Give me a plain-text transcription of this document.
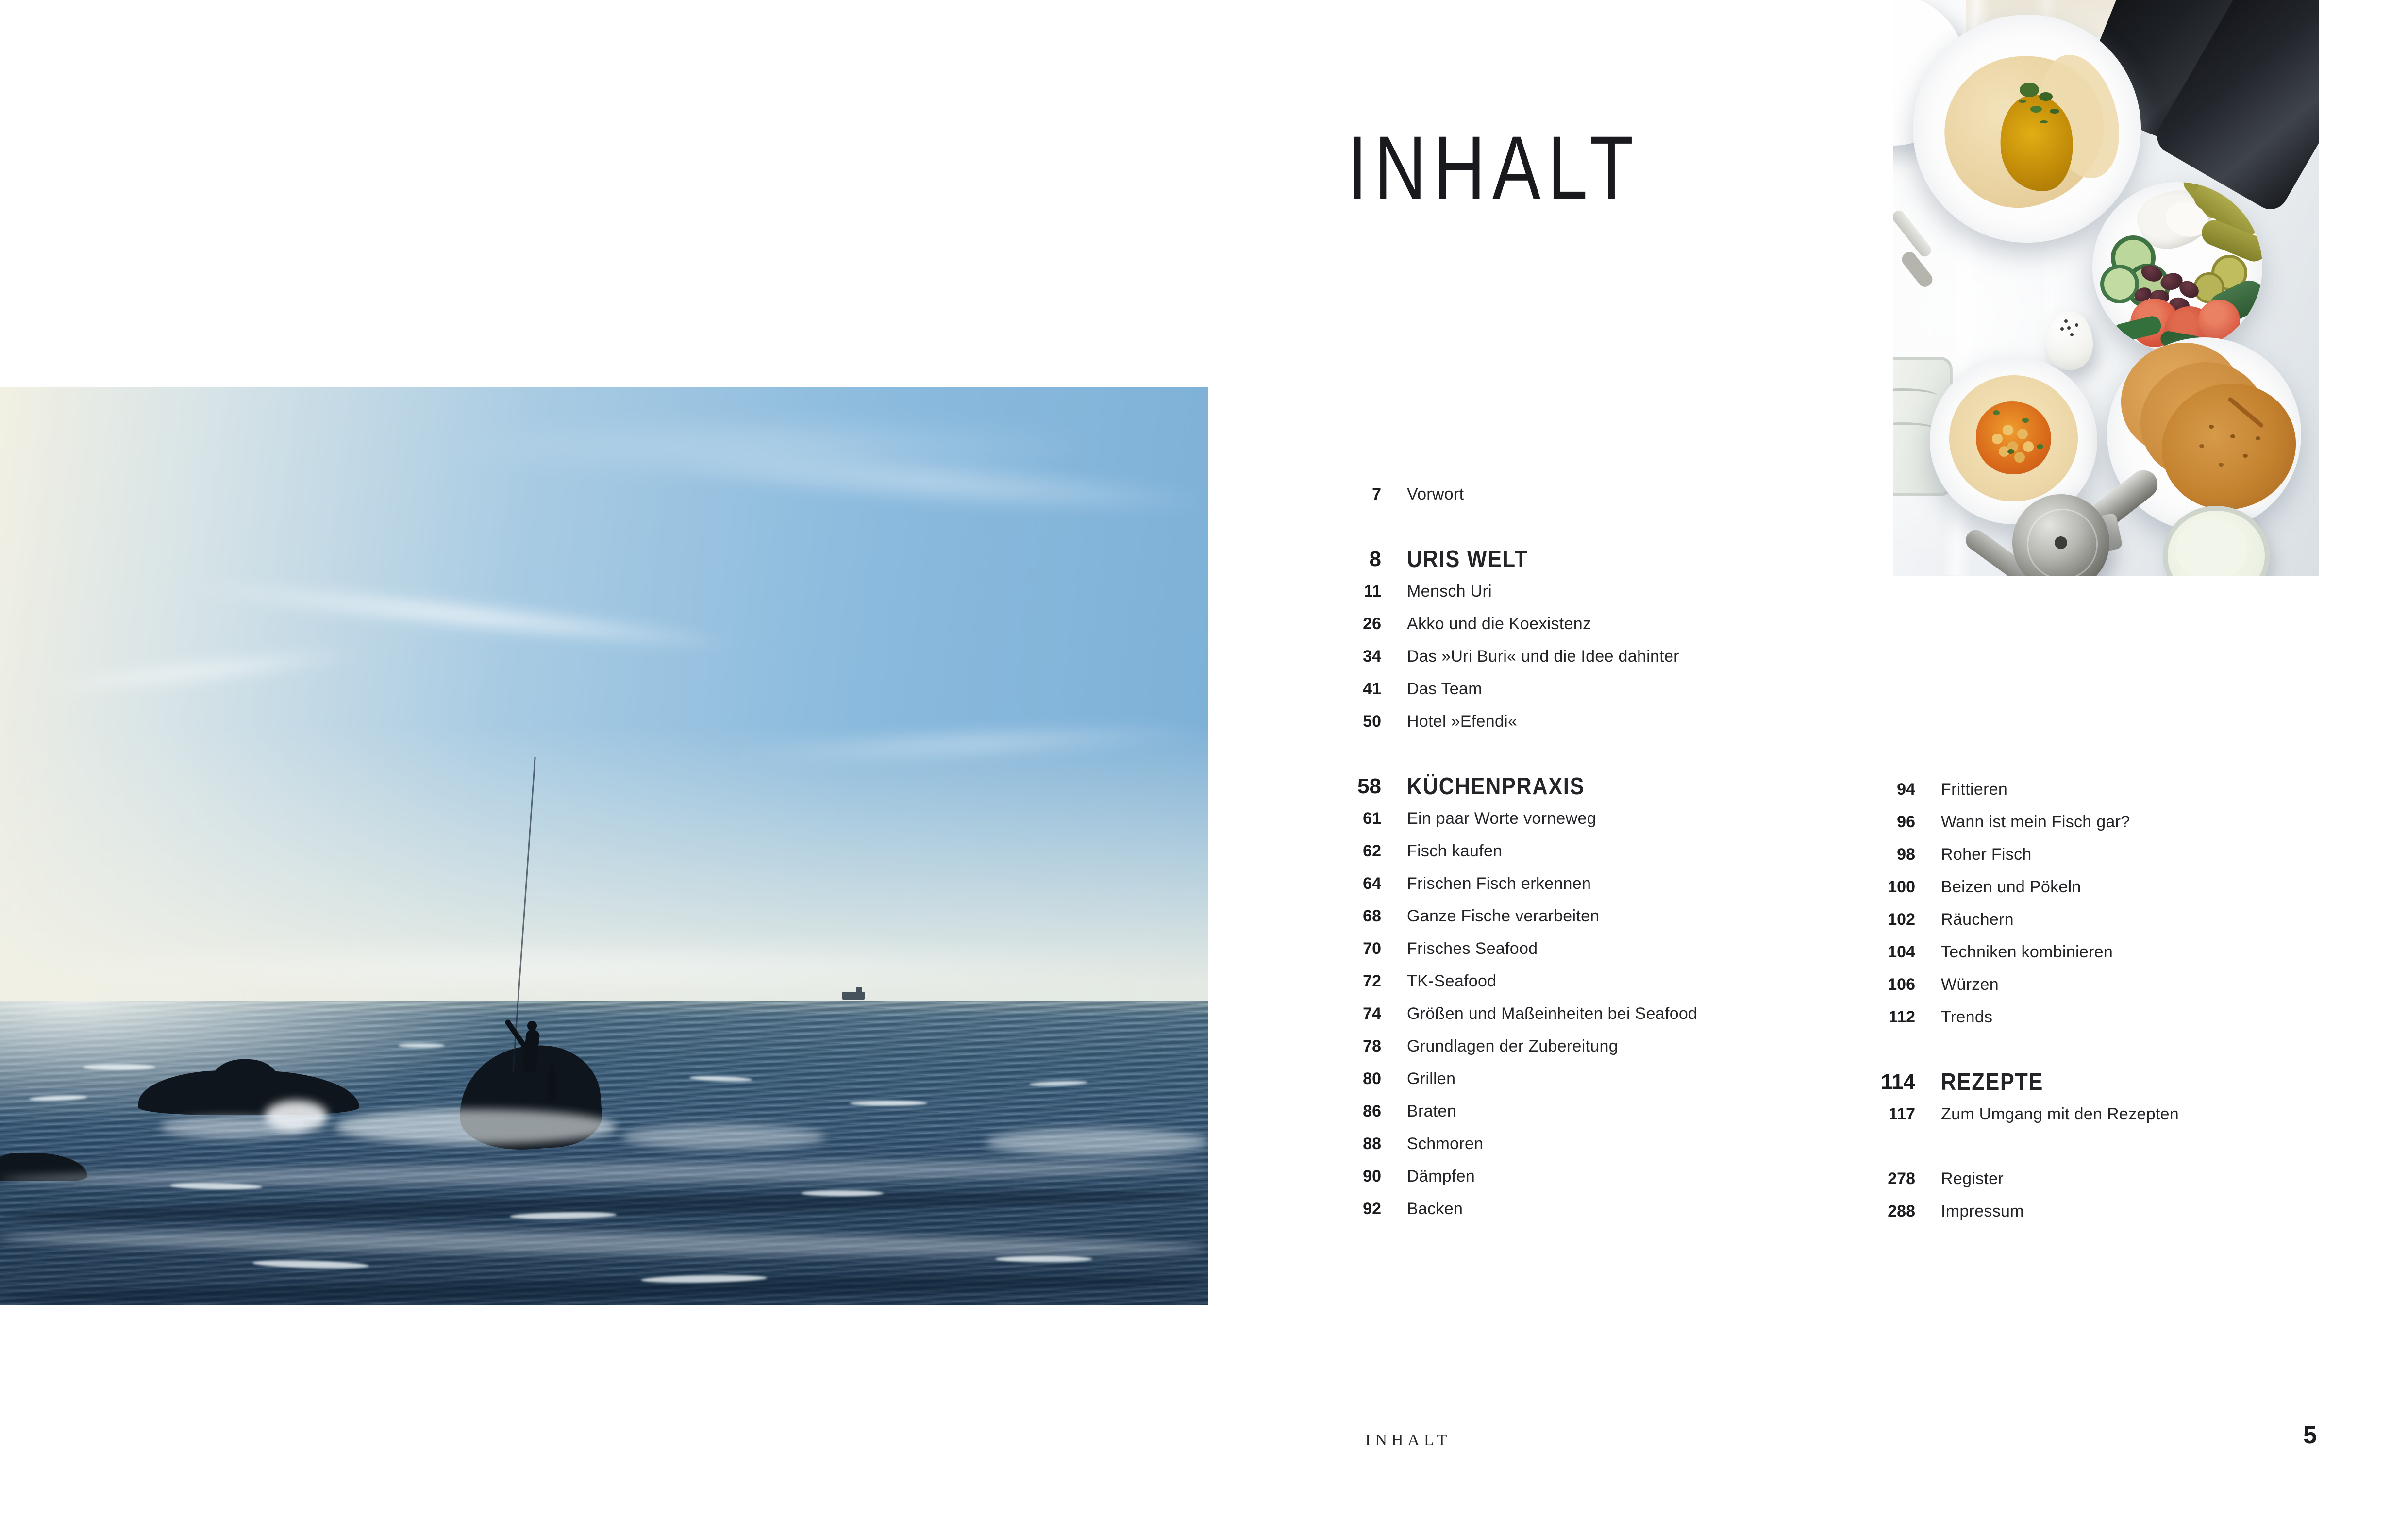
INHALT
7 Vorwort
8 URIS WELT
11 Mensch Uri
26 Akko und die Koexistenz
34 Das »Uri Buri« und die Idee dahinter
41 Das Team
50 Hotel »Efendi«
58 KÜCHENPRAXIS
61 Ein paar Worte vorneweg
62 Fisch kaufen
64 Frischen Fisch erkennen
68 Ganze Fische verarbeiten
70 Frisches Seafood
72 TK-Seafood
74 Größen und Maßeinheiten bei Seafood
78 Grundlagen der Zubereitung
80 Grillen
86 Braten
88 Schmoren
90 Dämpfen
92 Backen
94 Frittieren
96 Wann ist mein Fisch gar?
98 Roher Fisch
100 Beizen und Pökeln
102 Räuchern
104 Techniken kombinieren
106 Würzen
112 Trends
114 REZEPTE
117 Zum Umgang mit den Rezepten
278 Register
288 Impressum
INHALT	5
